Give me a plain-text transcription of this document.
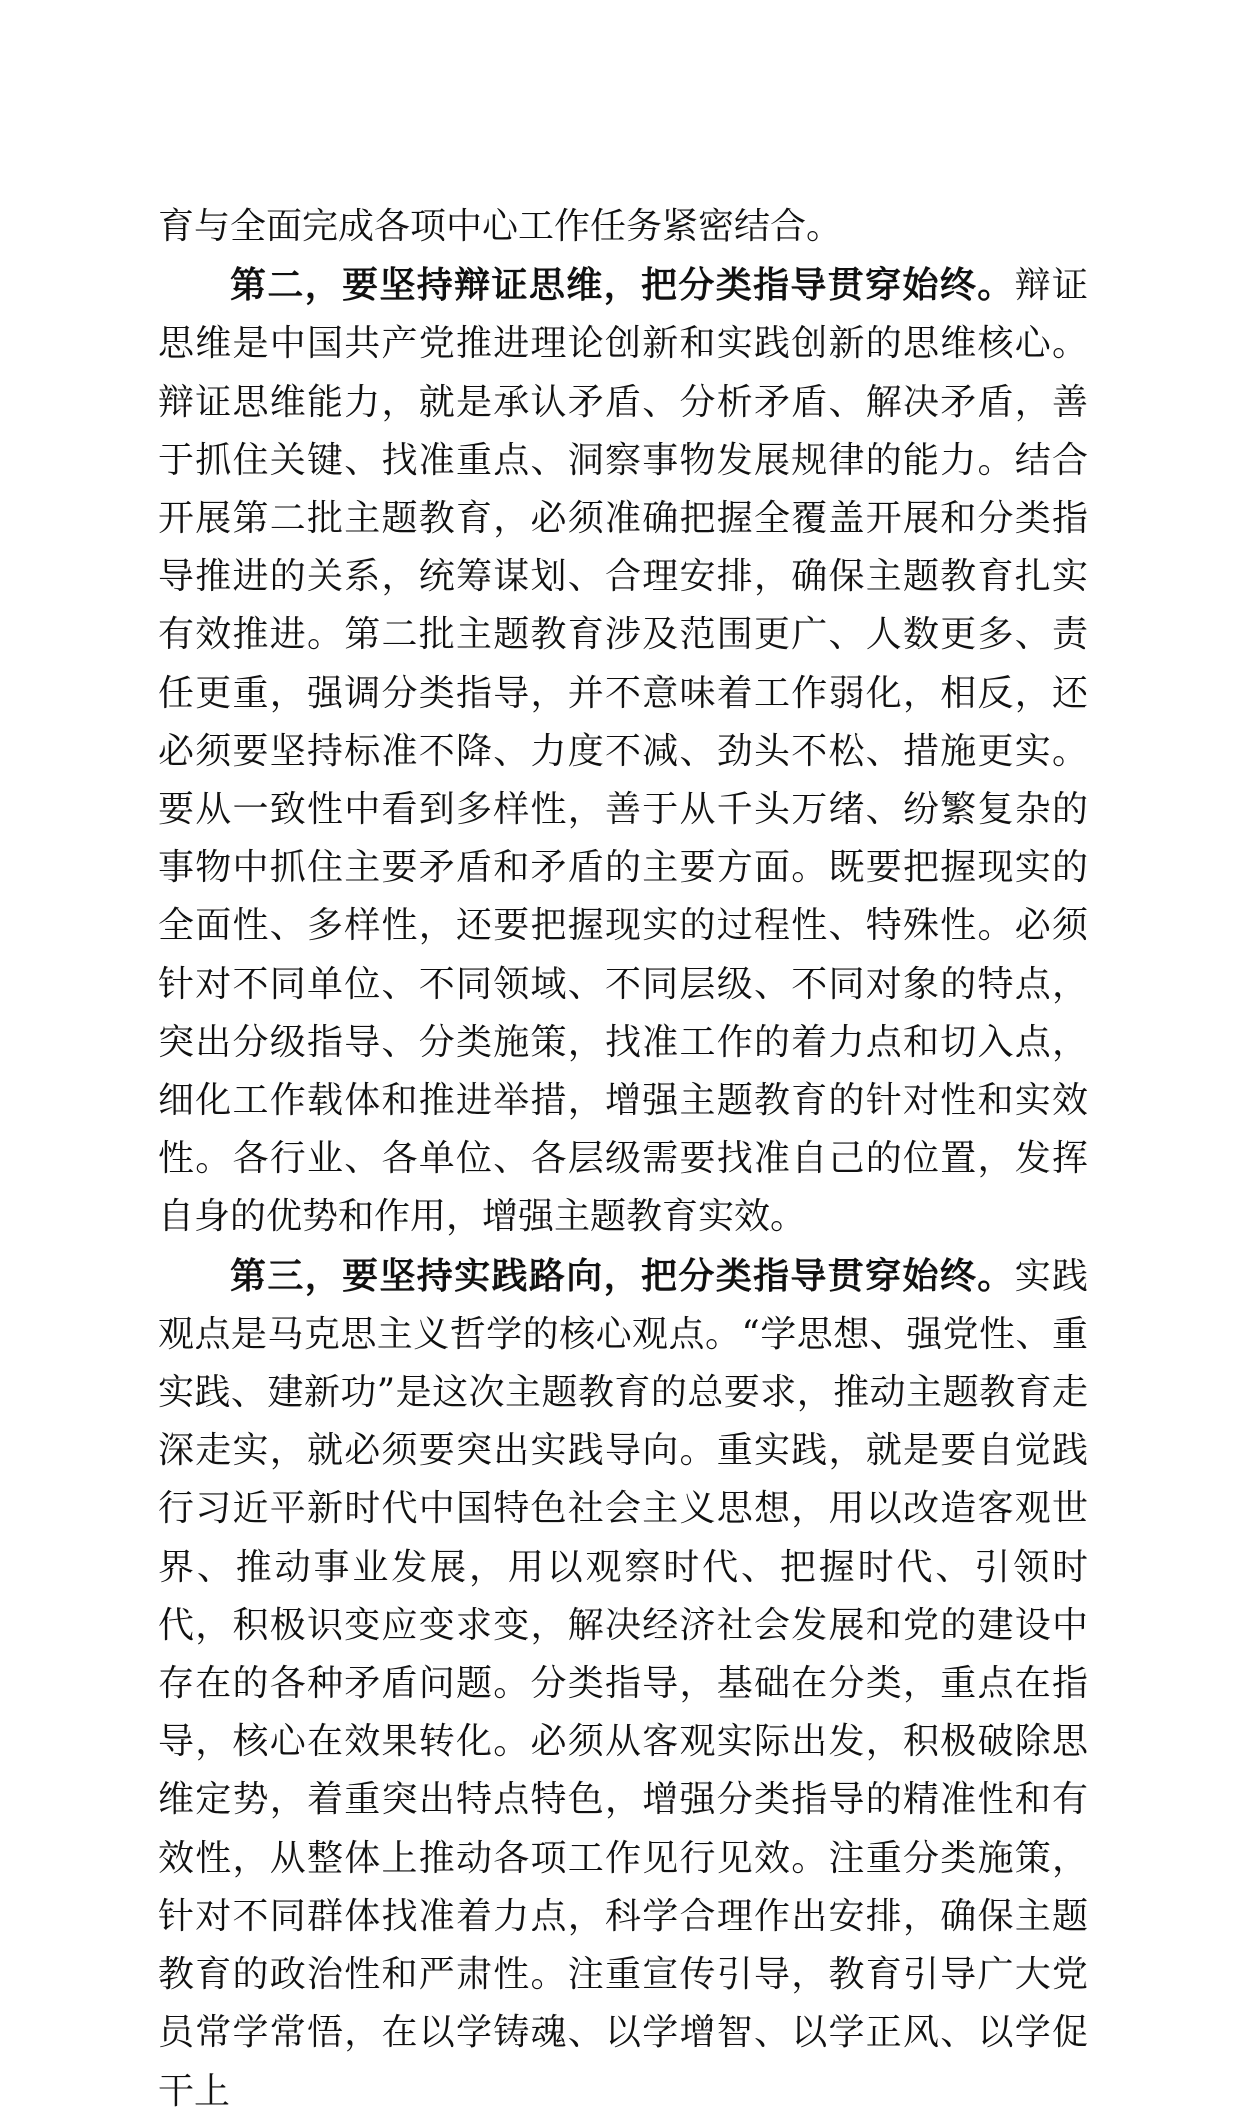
育与全面完成各项中心工作任务紧密结合。

第二，要坚持辩证思维，把分类指导贯穿始终。辩证思维是中国共产党推进理论创新和实践创新的思维核心。辩证思维能力，就是承认矛盾、分析矛盾、解决矛盾，善于抓住关键、找准重点、洞察事物发展规律的能力。结合开展第二批主题教育，必须准确把握全覆盖开展和分类指导推进的关系，统筹谋划、合理安排，确保主题教育扎实有效推进。第二批主题教育涉及范围更广、人数更多、责任更重，强调分类指导，并不意味着工作弱化，相反，还必须要坚持标准不降、力度不减、劲头不松、措施更实。要从一致性中看到多样性，善于从千头万绪、纷繁复杂的事物中抓住主要矛盾和矛盾的主要方面。既要把握现实的全面性、多样性，还要把握现实的过程性、特殊性。必须针对不同单位、不同领域、不同层级、不同对象的特点，突出分级指导、分类施策，找准工作的着力点和切入点，细化工作载体和推进举措，增强主题教育的针对性和实效性。各行业、各单位、各层级需要找准自己的位置，发挥自身的优势和作用，增强主题教育实效。

第三，要坚持实践路向，把分类指导贯穿始终。实践观点是马克思主义哲学的核心观点。“学思想、强党性、重实践、建新功”是这次主题教育的总要求，推动主题教育走深走实，就必须要突出实践导向。重实践，就是要自觉践行习近平新时代中国特色社会主义思想，用以改造客观世界、推动事业发展，用以观察时代、把握时代、引领时代，积极识变应变求变，解决经济社会发展和党的建设中存在的各种矛盾问题。分类指导，基础在分类，重点在指导，核心在效果转化。必须从客观实际出发，积极破除思维定势，着重突出特点特色，增强分类指导的精准性和有效性，从整体上推动各项工作见行见效。注重分类施策，针对不同群体找准着力点，科学合理作出安排，确保主题教育的政治性和严肃性。注重宣传引导，教育引导广大党员常学常悟，在以学铸魂、以学增智、以学正风、以学促干上
